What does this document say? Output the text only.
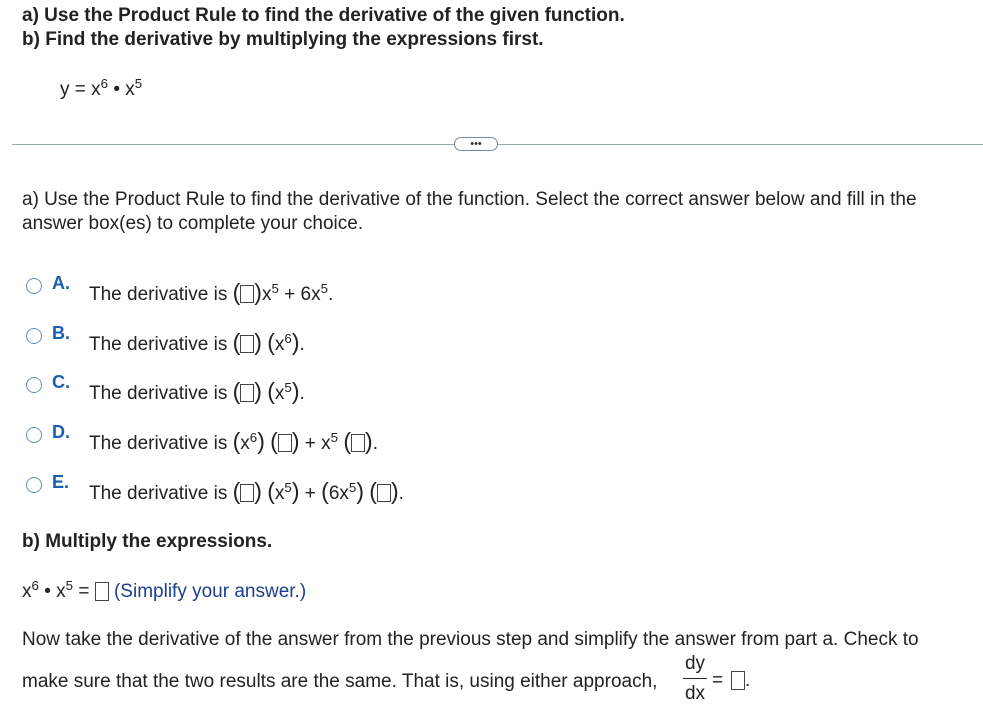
a) Use the Product Rule to find the derivative of the given function.
b) Find the derivative by multiplying the expressions first.
$y = x^6$ • $x^5$
•••
a) Use the Product Rule to find the derivative of the function. Select the correct answer below and fill in the
answer box(es) to complete your choice.
A.
The derivative is ( )$x^5 + 6x^5$.
B.
The derivative is ( ) $(x^6)$.
C.
The derivative is ( ) $(x^5)$.
D.
The derivative is $(x^6)$ ( ) + $x^5$ ( ).
E.
The derivative is ( ) $(x^5) + (6x^5)$ ( ).
b) Multiply the expressions.
$x^6$ • $x^5$ = (Simplify your answer.)
Now take the derivative of the answer from the previous step and simplify the answer from part a. Check to
make sure that the two results are the same. That is, using either approach,
dy
dx
=	.
